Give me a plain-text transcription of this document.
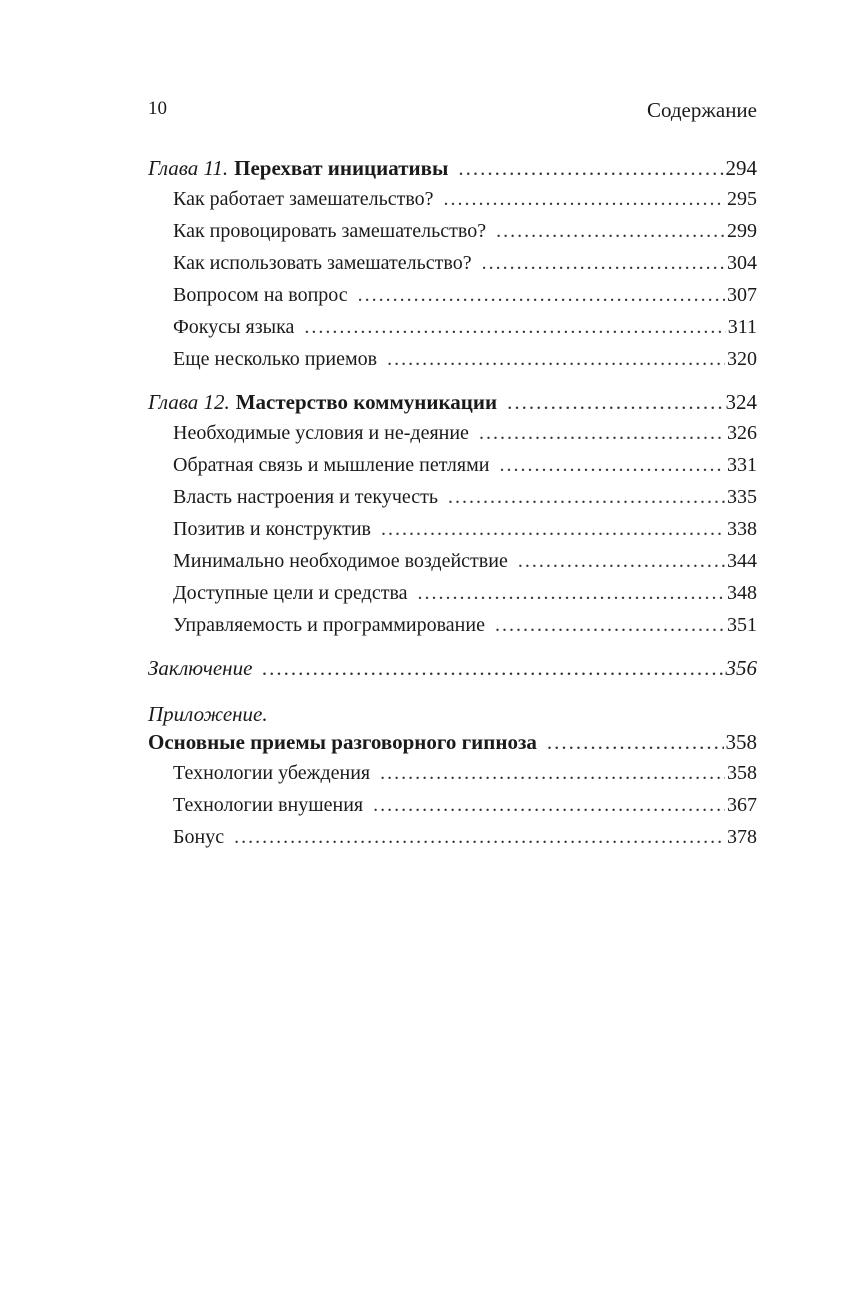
10	Содержание
Глава 11. Перехват инициативы .....	294
Как работает замешательство? .....	295
Как провоцировать замешательство? .....	299
Как использовать замешательство? .....	304
Вопросом на вопрос .....	307
Фокусы языка .....	311
Еще несколько приемов .....	320
Глава 12. Мастерство коммуникации .....	324
Необходимые условия и не-деяние .....	326
Обратная связь и мышление петлями .....	331
Власть настроения и текучесть .....	335
Позитив и конструктив .....	338
Минимально необходимое воздействие .....	344
Доступные цели и средства .....	348
Управляемость и программирование .....	351
Заключение .....	356
Приложение.
Основные приемы разговорного гипноза .....	358
Технологии убеждения .....	358
Технологии внушения .....	367
Бонус .....	378
